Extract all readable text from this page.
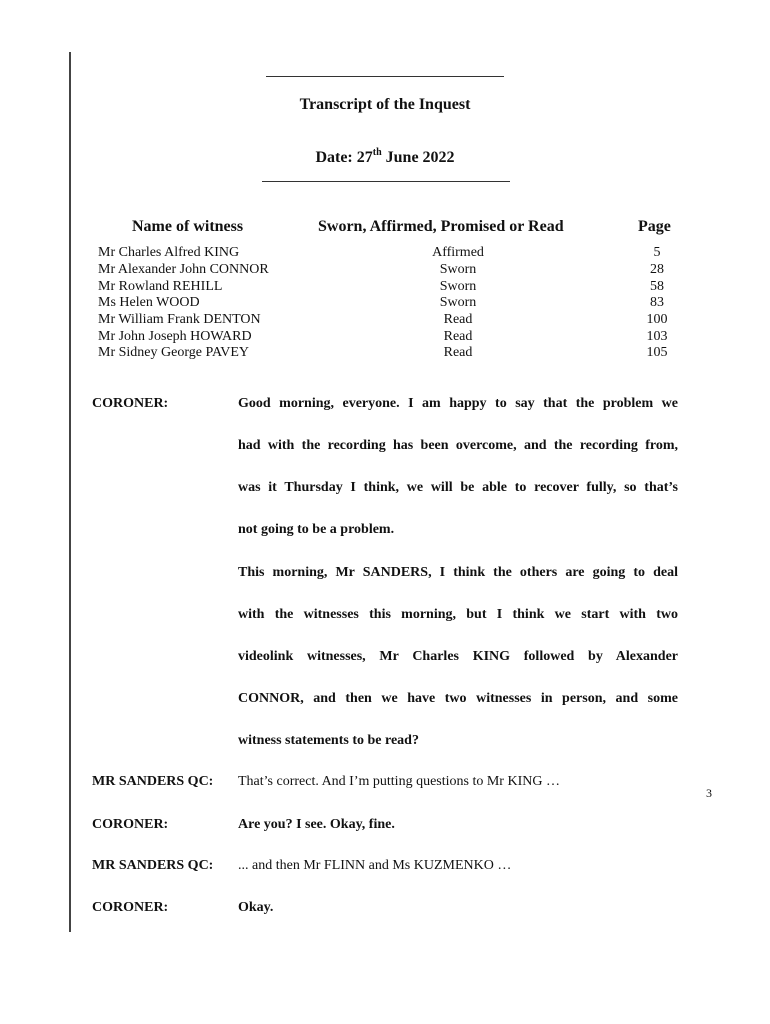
Transcript of the Inquest
Date: 27th June 2022
Name of witness	Sworn, Affirmed, Promised or Read	Page
Mr Charles Alfred KING	Affirmed	5
Mr Alexander John CONNOR	Sworn	28
Mr Rowland REHILL	Sworn	58
Ms Helen WOOD	Sworn	83
Mr William Frank DENTON	Read	100
Mr John Joseph HOWARD	Read	103
Mr Sidney George PAVEY	Read	105
CORONER:	Good morning, everyone. I am happy to say that the problem we
had with the recording has been overcome, and the recording from,
was it Thursday I think, we will be able to recover fully, so that’s
not going to be a problem.
This morning, Mr SANDERS, I think the others are going to deal
with the witnesses this morning, but I think we start with two
videolink witnesses, Mr Charles KING followed by Alexander
CONNOR, and then we have two witnesses in person, and some
witness statements to be read?
MR SANDERS QC: That’s correct. And I’m putting questions to Mr KING …
CORONER:	Are you? I see. Okay, fine.
MR SANDERS QC: ... and then Mr FLINN and Ms KUZMENKO …
CORONER:	Okay.
3
